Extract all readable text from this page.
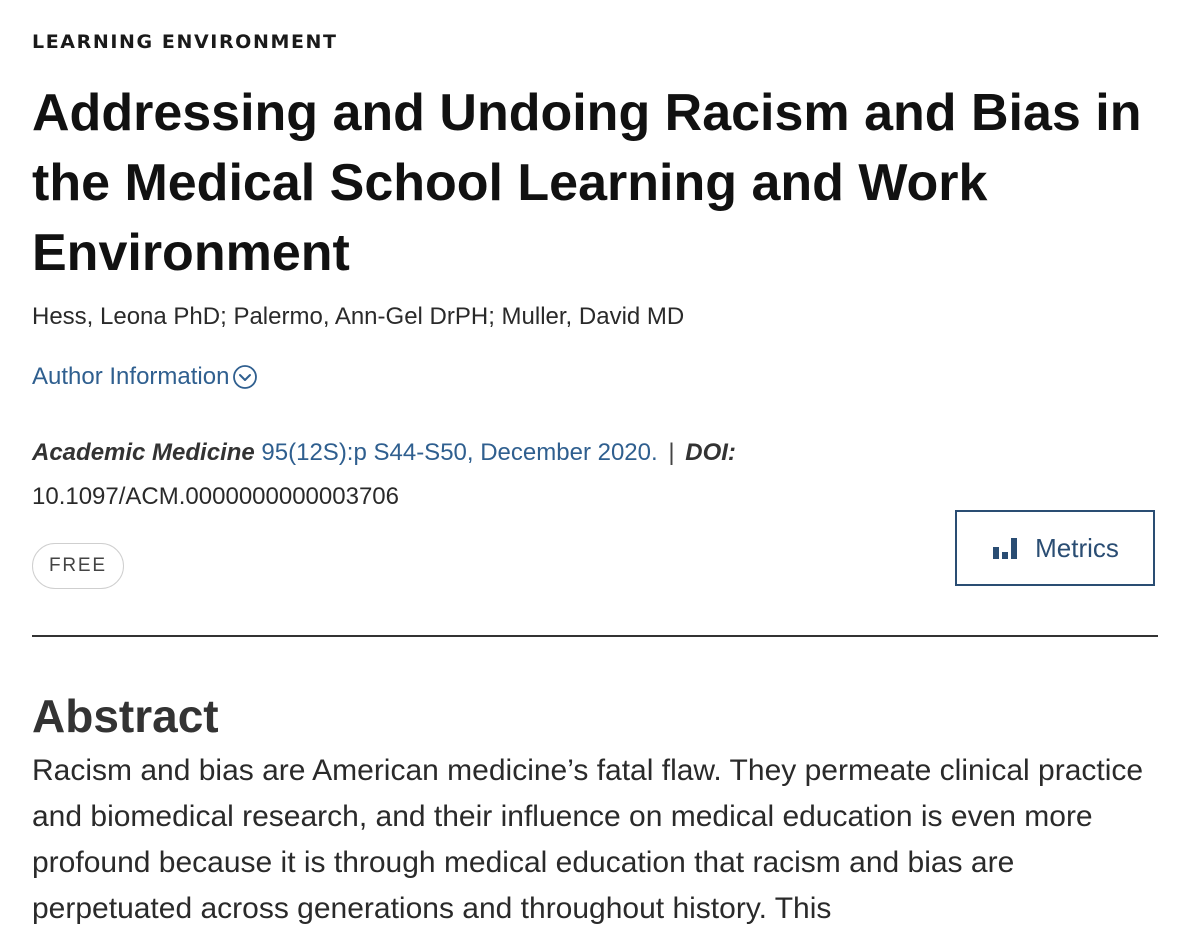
LEARNING ENVIRONMENT
Addressing and Undoing Racism and Bias in the Medical School Learning and Work Environment
Hess, Leona PhD; Palermo, Ann-Gel DrPH; Muller, David MD
Author Information
Academic Medicine 95(12S):p S44-S50, December 2020. | DOI:
10.1097/ACM.0000000000003706
FREE
Metrics
Abstract

Racism and bias are American medicine’s fatal flaw. They permeate clinical practice and biomedical research, and their influence on medical education is even more profound because it is through medical education that racism and bias are perpetuated across generations and throughout history. This
